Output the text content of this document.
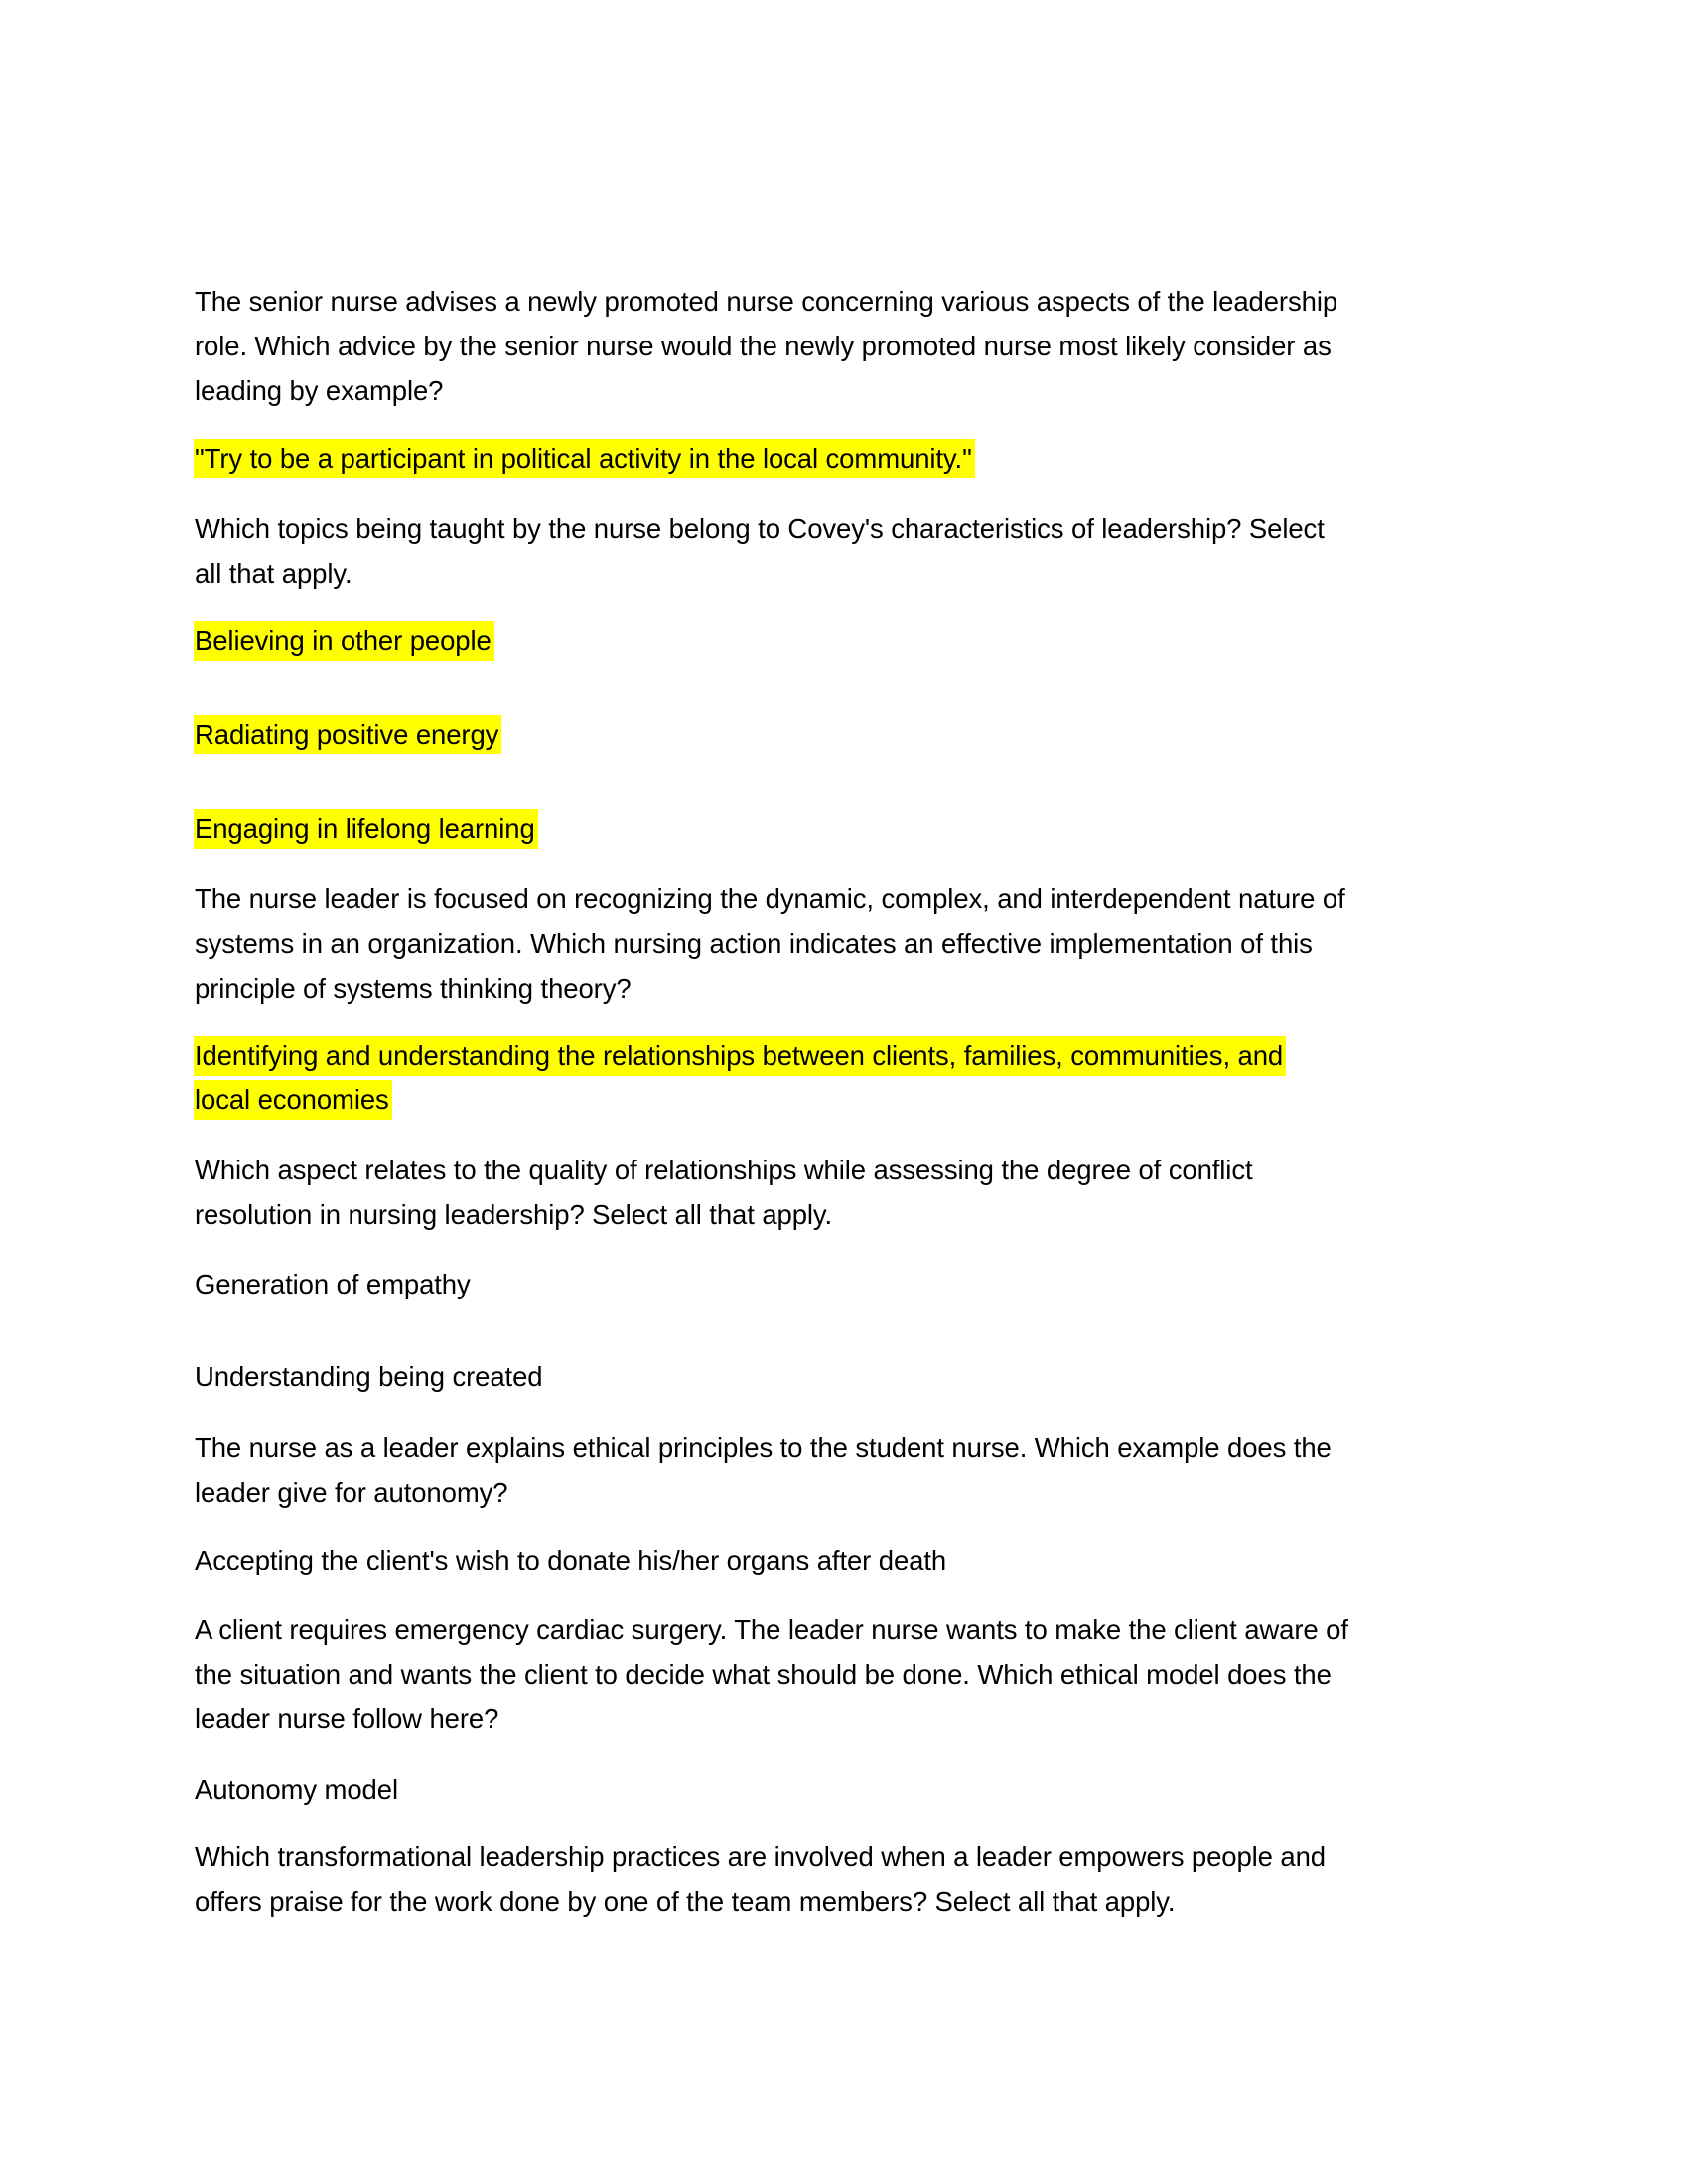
The senior nurse advises a newly promoted nurse concerning various aspects of the leadership
role. Which advice by the senior nurse would the newly promoted nurse most likely consider as
leading by example?
"Try to be a participant in political activity in the local community."
Which topics being taught by the nurse belong to Covey's characteristics of leadership? Select
all that apply.
Believing in other people
Radiating positive energy
Engaging in lifelong learning
The nurse leader is focused on recognizing the dynamic, complex, and interdependent nature of
systems in an organization. Which nursing action indicates an effective implementation of this
principle of systems thinking theory?
Identifying and understanding the relationships between clients, families, communities, and
local economies
Which aspect relates to the quality of relationships while assessing the degree of conflict
resolution in nursing leadership? Select all that apply.
Generation of empathy
Understanding being created
The nurse as a leader explains ethical principles to the student nurse. Which example does the
leader give for autonomy?
Accepting the client's wish to donate his/her organs after death
A client requires emergency cardiac surgery. The leader nurse wants to make the client aware of
the situation and wants the client to decide what should be done. Which ethical model does the
leader nurse follow here?
Autonomy model
Which transformational leadership practices are involved when a leader empowers people and
offers praise for the work done by one of the team members? Select all that apply.
